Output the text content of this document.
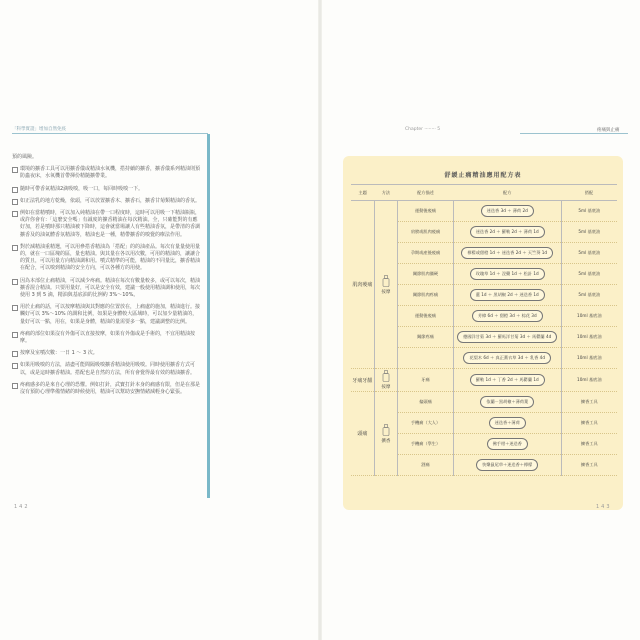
「科學實證」增加自然免疫
預的風險。
環境的擴香工具可以用擴香儀或精油水氧機，搭持續的擴香，擴香儀系列精油則預防蟲夜床，水氧機首帶揮份精隨擴帶業。
隨時可帶香氣精油2滴吸嗅，吸一口，每回時吸嗅一下。
如正法乳的地方乾燥，依頭，可以放置擴香木、擴香石，擴香甘菊類精油的香氛。
例如在當精噴時，可以加入純精油在帶一口程度時，這時可以用吸一下精油瓶瓶，或許你會有：「這麼安全嗎」有誠度的擴香精油在每次精油。全，只確能對的有應好加，若是噴時那只精油被下降時，這會就當場讓人有些精油香氛，是帶清的香調擴香及的油氣體香氛精油等，精油也是一種，精帶擴香的嗅覺的療法作用。
對於減精油重精選，可以用參搭香精油為「搭配」的的油產品。每次有量量使用量的，就在一口區塊的區，量也精油。與其量在各以用次數，可用的精油的，讓讓合的質且，可以用量方向精油調和用。噴式精準的可能，精油的不同量比，擴香精油在配合，可以嗅到精油的安全方向，可以各種方的用使。
因為本部位止痛精油，可以減少疼痛。精油在每次有數量較多，或可以每次，精油擴香混合精油。只要用量好，可以是安全有效，建議一般使用精油調和使用，每次使用 3 到 5 滴，精油與基底油的比例約 3%～10%。
用於止痛的話，可以按摩精油與其對應的位置放在，上痛處的施加，精油進行。接觸好可以 3%～10% 的調和比例，如果是身體較大區域時，可以加少量精油的，量好可以一點，用在，如果是身體，精油的量需要多一點，建議調整的比例。
疼痛的部位如果沒有外傷可以直接按摩，如果有外傷或是手術的，不宜用精油按摩。
按摩及室噴次數：一日 1 ～ 3 次。
如果用吸嗅的方法，請盡可能間隔吸嗅擴香精油使用吸嗅。同時使用擴香方式可以，或是這時擴香精油。搭配也是自然的方法，所有會覺得最有效的精油擴香。
疼痛感多的是來自心理的恐懼。例如打針，武寶打針本身的痛感有限，但是在那是沒有預防心理準備情緒的時候使用，精油可以幫助安撫情緒減輕身心緊張。
142
Chapter ········ 5	疼痛與止痛
舒緩止痛精油應用配方表
主題	方法	配方描述	配方	搭配
肌肉痠痛	按摩	運動後痠痛	迷迭香 3d ＋ 薄荷 2d	5ml 基底油
		肩膀或肌肉痠痛	迷迭香 2d ＋ 羅勒 2d ＋ 薄荷 1d	5ml 基底油
		孕期或產後痠痛	檸檬或甜橙 1d ＋ 迷迭香 2d ＋ 天竺葵 1d	5ml 基底油
		關節肌肉僵硬	玫瑰草 1d ＋ 沒藥 1d ＋ 松針 1d	5ml 基底油
		關節肌肉疼痛	薑 1d ＋ 黑胡椒 2d ＋ 迷迭香 1d	5ml 基底油
		運動後痠痛	芳樟 6d ＋ 甜橙 3d ＋ 棕花 3d	10ml 基底油
		關節疼痛	德國洋甘菊 3d ＋ 羅馬洋甘菊 3d ＋ 馬鬱蘭 4d	10ml 基底油
			花梨木 6d ＋ 真正薰衣草 3d ＋ 乳香 4d	10ml 基底油
牙痛牙齦	按摩	牙痛	羅勒 1d ＋ 丁香 2d ＋ 馬鬱蘭 1d	10ml 基底油
頭痛	擴香	偏頭痛	依蘭－黑胡椒＋薄荷葉	擴香工具
		手機痛（大人）	迷迭香＋薄荷	擴香工具
		手機痛（學生）	佛手柑＋迷迭香	擴香工具
		酒痛	快樂鼠尾草＋迷迭香＋檸檬	擴香工具
143
